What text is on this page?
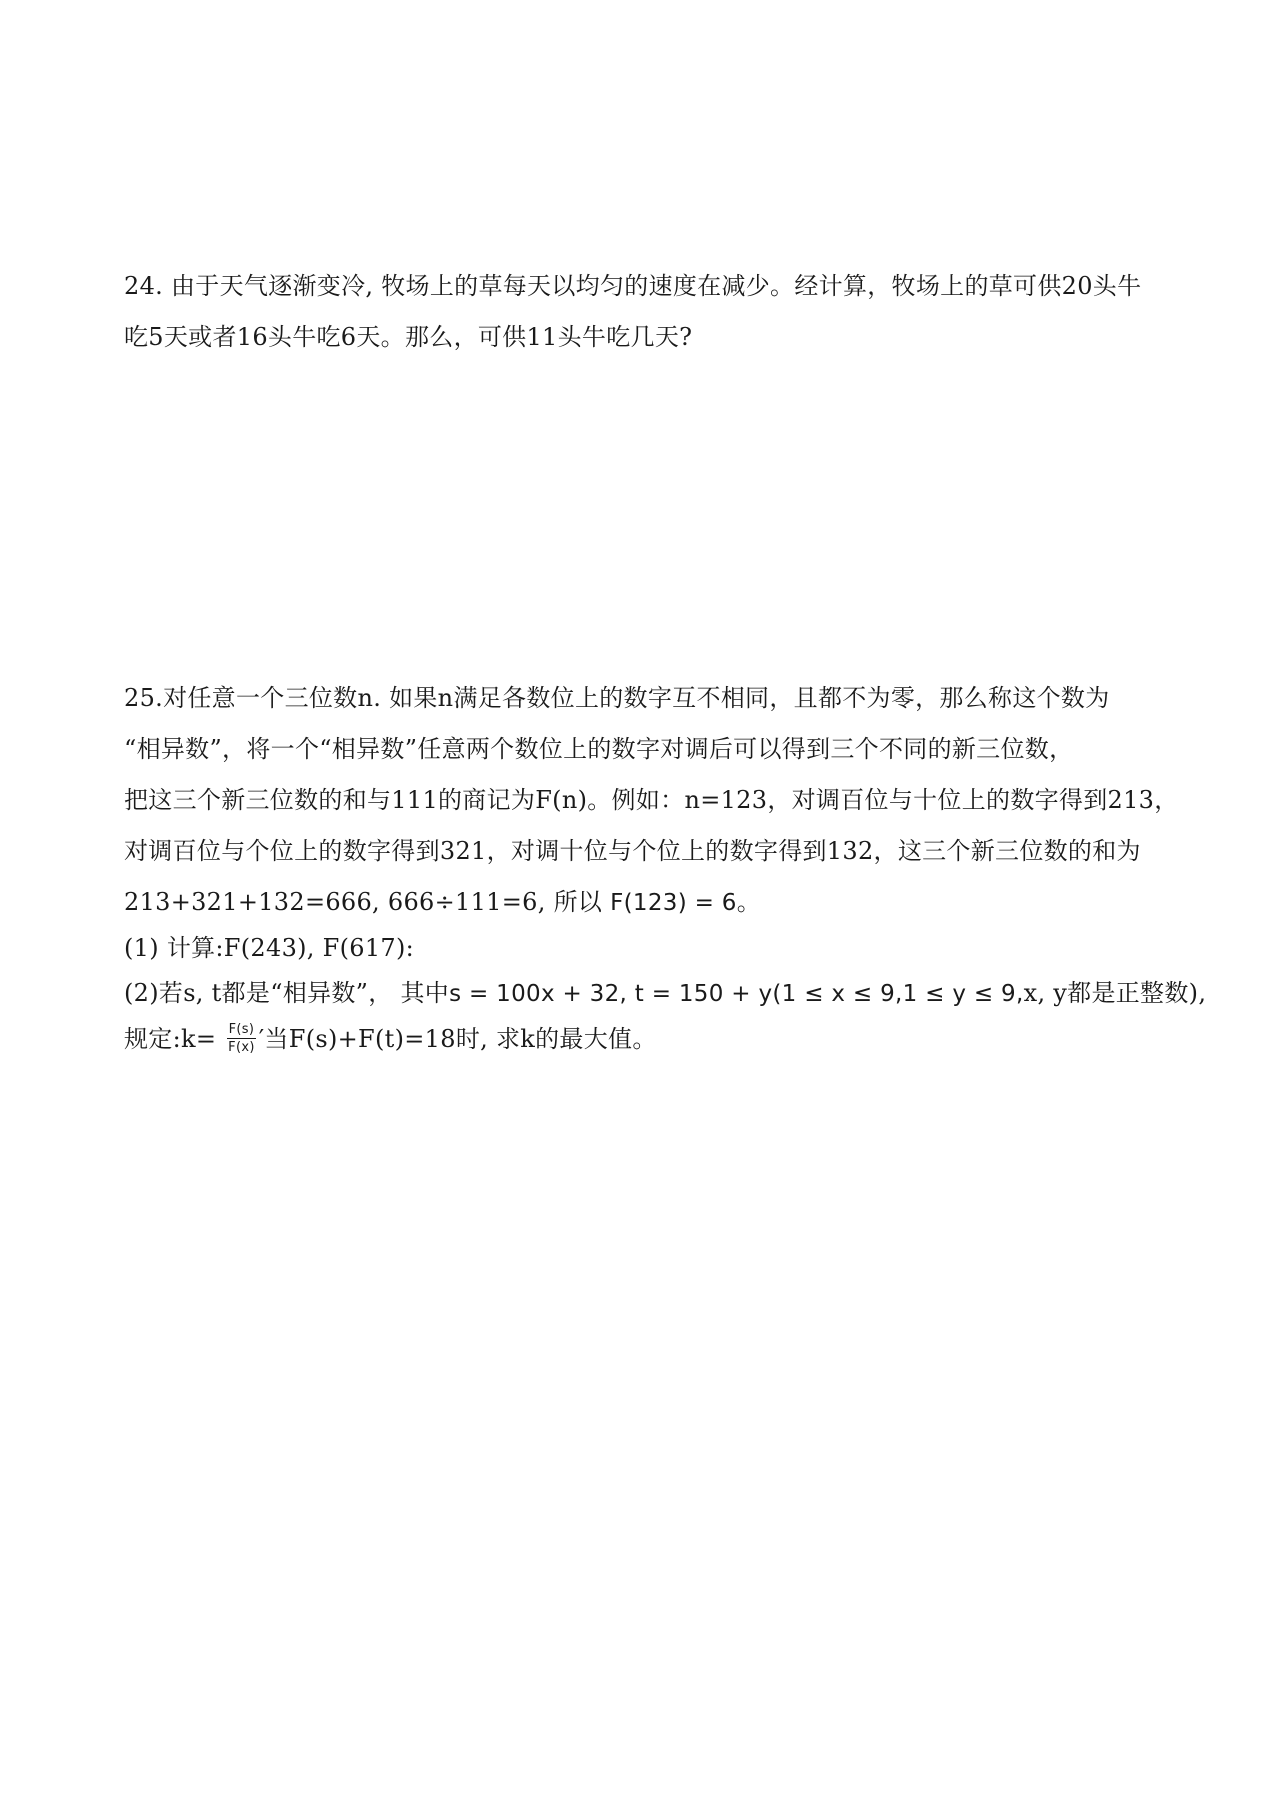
24. 由于天气逐渐变冷, 牧场上的草每天以均匀的速度在减少。经计算，牧场上的草可供20头牛
吃5天或者16头牛吃6天。那么，可供11头牛吃几天?
25.对任意一个三位数n. 如果n满足各数位上的数字互不相同，且都不为零，那么称这个数为
“相异数”，将一个“相异数”任意两个数位上的数字对调后可以得到三个不同的新三位数，
把这三个新三位数的和与111的商记为F(n)。例如：n=123，对调百位与十位上的数字得到213，
对调百位与个位上的数字得到321，对调十位与个位上的数字得到132，这三个新三位数的和为
213+321+132=666, 666÷111=6, 所以 F(123) = 6。
(1) 计算:F(243), F(617):
(2)若s, t都是“相异数”， 其中s = 100x + 32, t = 150 + y(1 ≤ x ≤ 9,1 ≤ y ≤ 9,x, y都是正整数),
规定:k= $\frac{F(s)}{F(x)}$ ′当F(s)+F(t)=18时, 求k的最大值。
